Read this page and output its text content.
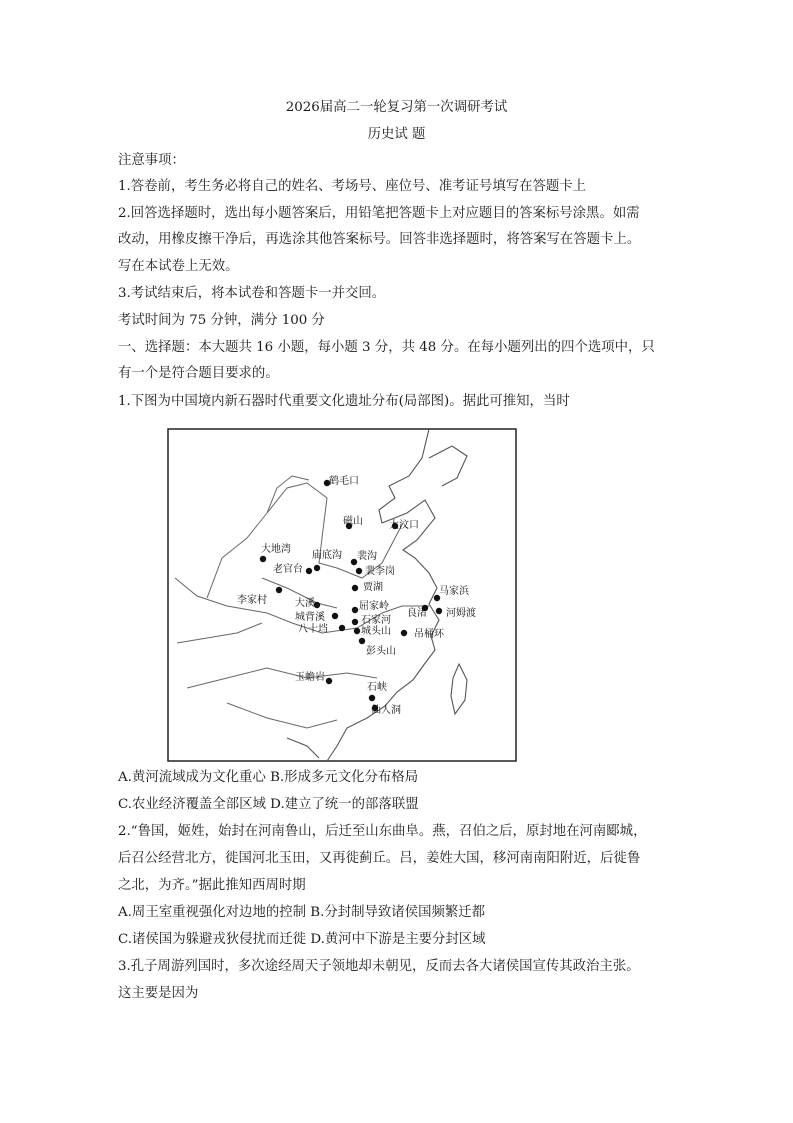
2026届高二一轮复习第一次调研考试
历史试 题
注意事项：
1.答卷前，考生务必将自己的姓名、考场号、座位号、准考证号填写在答题卡上
2.回答选择题时，选出每小题答案后，用铅笔把答题卡上对应题目的答案标号涂黑。如需
改动，用橡皮擦干净后，再选涂其他答案标号。回答非选择题时，将答案写在答题卡上。
写在本试卷上无效。
3.考试结束后，将本试卷和答题卡一并交回。
考试时间为 75 分钟，满分 100 分
一、选择题：本大题共 16 小题，每小题 3 分，共 48 分。在每小题列出的四个选项中，只
有一个是符合题目要求的。
1.下图为中国境内新石器时代重要文化遗址分布(局部图)。据此可推知，当时
鹤毛口
磁山	大汶口
大地湾
庙底沟 裴沟
老官台	裴李岗
贾湖	马家浜
李家村	大溪	屈家岭
良渚 河姆渡
城背溪	石家河
八十垱	城头山 吊桶环
彭头山
玉蟾岩
石峡
仙人洞
A.黄河流域成为文化重心 B.形成多元文化分布格局
C.农业经济覆盖全部区域 D.建立了统一的部落联盟
2.“鲁国，姬姓，始封在河南鲁山，后迁至山东曲阜。燕，召伯之后，原封地在河南郾城，
后召公经营北方，徙国河北玉田，又再徙蓟丘。吕，姜姓大国，移河南南阳附近，后徙鲁
之北，为齐。”据此推知西周时期
A.周王室重视强化对边地的控制 B.分封制导致诸侯国频繁迁都
C.诸侯国为躲避戎狄侵扰而迁徙 D.黄河中下游是主要分封区域
3.孔子周游列国时，多次途经周天子领地却未朝见，反而去各大诸侯国宣传其政治主张。
这主要是因为
